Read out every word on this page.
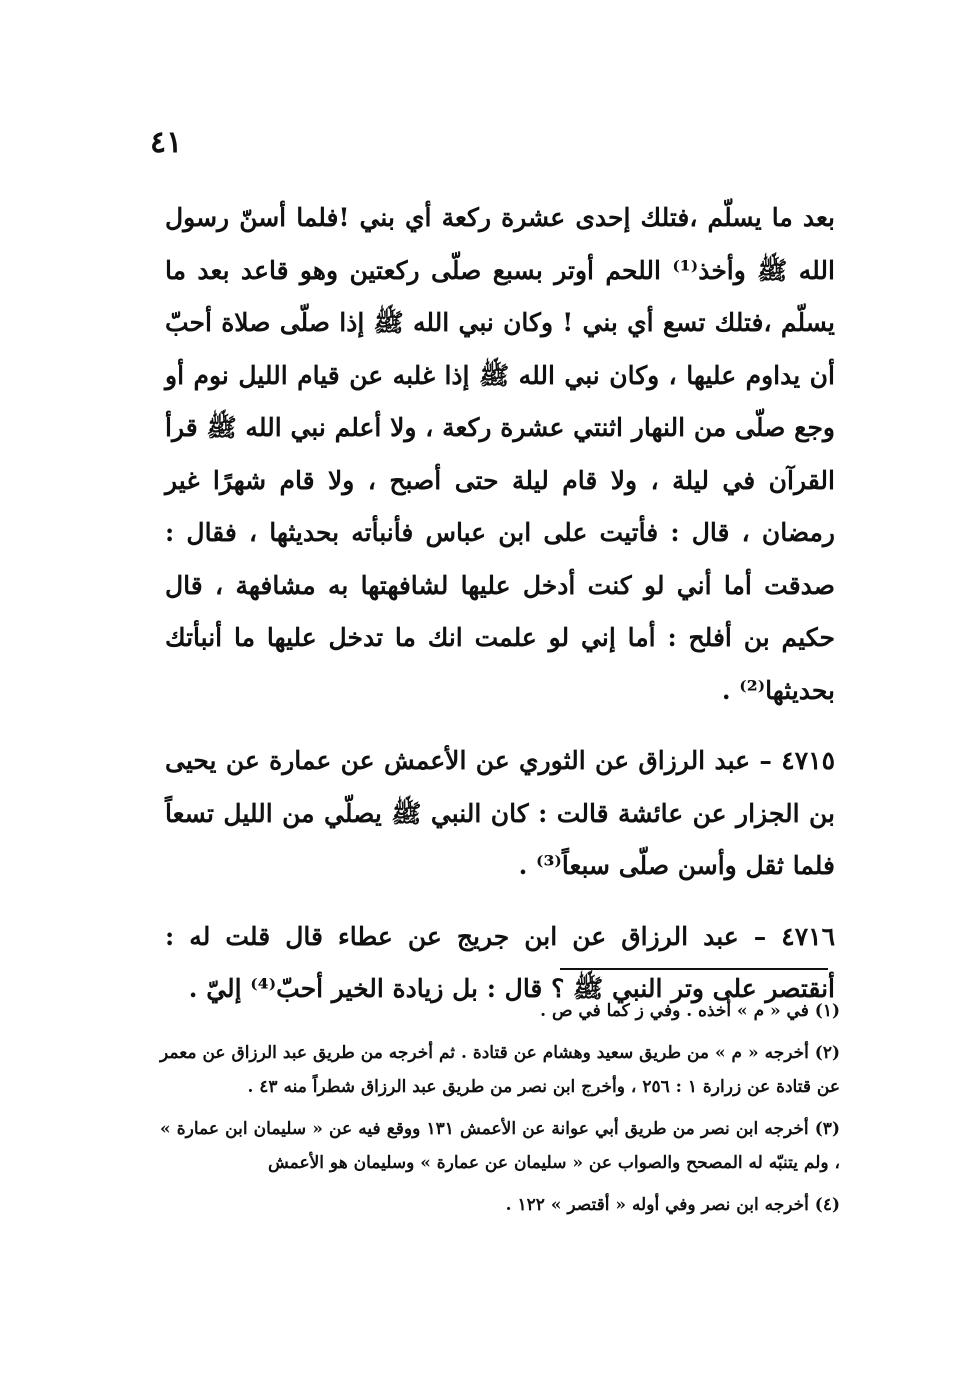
٤١

بعد ما يسلّم ،فتلك إحدى عشرة ركعة أي بني !فلما أسنّ رسول الله ﷺ وأخذ⁽¹⁾ اللحم أوتر بسبع صلّى ركعتين وهو قاعد بعد ما يسلّم ،فتلك تسع أي بني ! وكان نبي الله ﷺ إذا صلّى صلاة أحبّ أن يداوم عليها ، وكان نبي الله ﷺ إذا غلبه عن قيام الليل نوم أو وجع صلّى من النهار اثنتي عشرة ركعة ، ولا أعلم نبي الله ﷺ قرأ القرآن في ليلة ، ولا قام ليلة حتى أصبح ، ولا قام شهرًا غير رمضان ، قال : فأتيت على ابن عباس فأنبأته بحديثها ، فقال : صدقت أما أني لو كنت أدخل عليها لشافهتها به مشافهة ، قال حكيم بن أفلح : أما إني لو علمت انك ما تدخل عليها ما أنبأتك بحديثها⁽²⁾ .

٤٧١٥ – عبد الرزاق عن الثوري عن الأعمش عن عمارة عن يحيى بن الجزار عن عائشة قالت : كان النبي ﷺ يصلّي من الليل تسعاً فلما ثقل وأسن صلّى سبعاً⁽³⁾ .

٤٧١٦ – عبد الرزاق عن ابن جريج عن عطاء قال قلت له : أنقتصر على وتر النبي ﷺ ؟ قال : بل زيادة الخير أحبّ⁽⁴⁾ إليّ .

(١) في « م » أخذه . وفي ز كما في ص .

(٢) أخرجه « م » من طريق سعيد وهشام عن قتادة . ثم أخرجه من طريق عبد الرزاق عن معمر عن قتادة عن زرارة ١ : ٢٥٦ ، وأخرج ابن نصر من طريق عبد الرزاق شطراً منه ٤٣ .

(٣) أخرجه ابن نصر من طريق أبي عوانة عن الأعمش ١٣١ ووقع فيه عن « سليمان ابن عمارة » ، ولم يتنبّه له المصحح والصواب عن « سليمان عن عمارة » وسليمان هو الأعمش

(٤) أخرجه ابن نصر وفي أوله « أقتصر » ١٢٢ .
